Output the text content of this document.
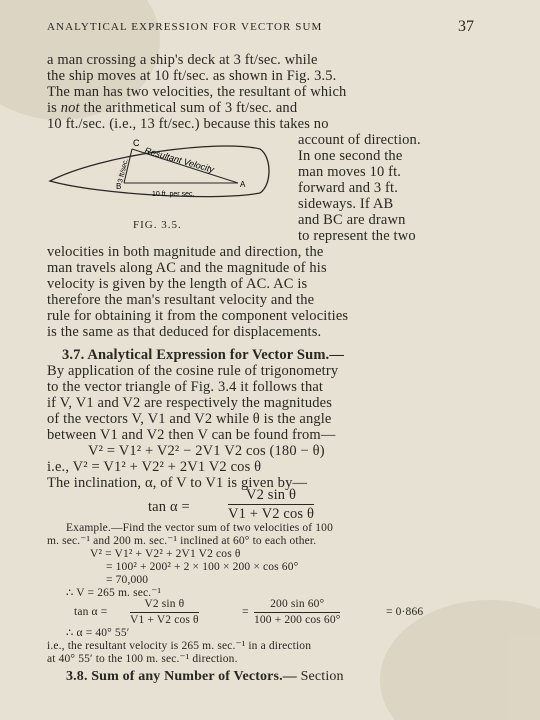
ANALYTICAL EXPRESSION FOR VECTOR SUM	37
a man crossing a ship's deck at 3 ft/sec. while
the ship moves at 10 ft/sec. as shown in Fig. 3.5.
The man has two velocities, the resultant of which
is not the arithmetical sum of 3 ft/sec. and
10 ft./sec. (i.e., 13 ft/sec.) because this takes no
account of direction.
In one second the
man moves 10 ft.
forward and 3 ft.
sideways. If AB
and BC are drawn
to represent the two
C
B	A
Resultant Velocity
3 ft/sec.
10 ft. per sec.
FIG. 3.5.
velocities in both magnitude and direction, the
man travels along AC and the magnitude of his
velocity is given by the length of AC. AC is
therefore the man's resultant velocity and the
rule for obtaining it from the component velocities
is the same as that deduced for displacements.
3.7. Analytical Expression for Vector Sum.—
By application of the cosine rule of trigonometry
to the vector triangle of Fig. 3.4 it follows that
if V, V1 and V2 are respectively the magnitudes
of the vectors V, V1 and V2 while θ is the angle
between V1 and V2 then V can be found from—
V² = V1² + V2² − 2V1 V2 cos (180 − θ)
i.e., V² = V1² + V2² + 2V1 V2 cos θ
The inclination, α, of V to V1 is given by—
tan α =	$\frac{\text{V2 sin θ}}{\text{V1 + V2 cos θ}}$
Example.—Find the vector sum of two velocities of 100
m. sec.⁻¹ and 200 m. sec.⁻¹ inclined at 60° to each other.
V² = V1² + V2² + 2V1 V2 cos θ
= 100² + 200² + 2 × 100 × 200 × cos 60°
= 70,000
∴ V = 265 m. sec.⁻¹
$\tan \alpha = \frac{\text{V2 sin θ}}{\text{V1 + V2 cos θ}}$	= $\frac{200 \sin 60^\circ}{100 + 200 \cos 60^\circ}$	= 0·866
∴ α = 40° 55′
i.e., the resultant velocity is 265 m. sec.⁻¹ in a direction
at 40° 55′ to the 100 m. sec.⁻¹ direction.
3.8. Sum of any Number of Vectors.— Section
